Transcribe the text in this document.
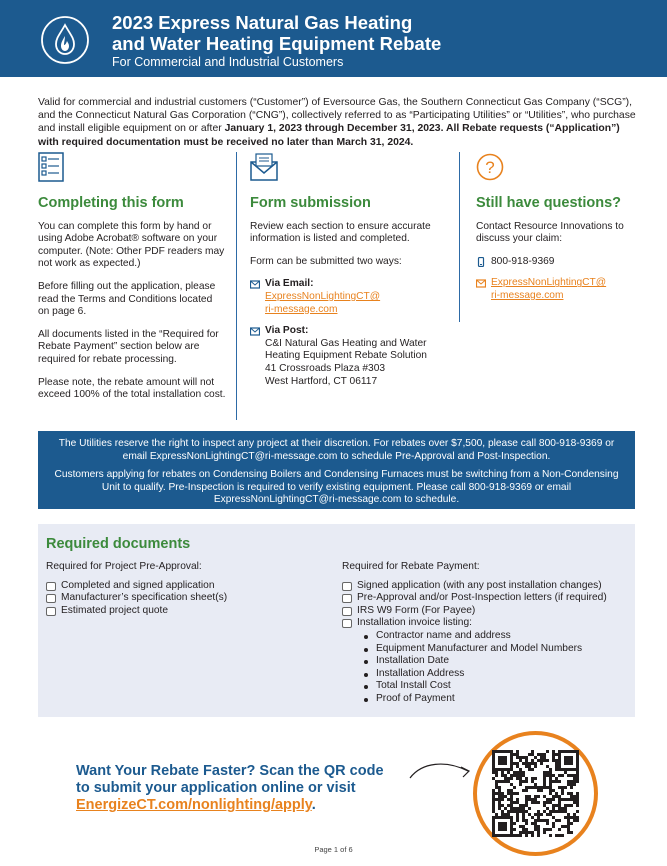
2023 Express Natural Gas Heating
and Water Heating Equipment Rebate
For Commercial and Industrial Customers
Valid for commercial and industrial customers (“Customer”) of Eversource Gas, the Southern Connecticut Gas Company (“SCG”), and the Connecticut Natural Gas Corporation (“CNG”), collectively referred to as “Participating Utilities” or “Utilities”, who purchase and install eligible equipment on or after January 1, 2023 through December 31, 2023. All Rebate requests (“Application”) with required documentation must be received no later than March 31, 2024.
Completing this form

You can complete this form by hand or using Adobe Acrobat® software on your computer. (Note: Other PDF readers may not work as expected.)

Before filling out the application, please read the Terms and Conditions located on page 6.

All documents listed in the “Required for Rebate Payment” section below are required for rebate processing.

Please note, the rebate amount will not exceed 100% of the total installation cost.

Form submission

Review each section to ensure accurate information is listed and completed.

Form can be submitted two ways:

Via Email:
ExpressNonLightingCT@
ri-message.com
Via Post:
C&I Natural Gas Heating and Water
Heating Equipment Rebate Solution
41 Crossroads Plaza #303
West Hartford, CT 06117
?
Still have questions?

Contact Resource Innovations to discuss your claim:

800-918-9369
ExpressNonLightingCT@
ri-message.com

The Utilities reserve the right to inspect any project at their discretion. For rebates over $7,500, please call 800-918-9369 or email ExpressNonLightingCT@ri-message.com to schedule Pre-Approval and Post-Inspection.

Customers applying for rebates on Condensing Boilers and Condensing Furnaces must be switching from a Non-Condensing Unit to qualify. Pre-Inspection is required to verify existing equipment. Please call 800-918-9369 or email ExpressNonLightingCT@ri-message.com to schedule.

Required documents
Required for Project Pre-Approval:
Completed and signed application
Manufacturer’s specification sheet(s)
Estimated project quote
Required for Rebate Payment:
Signed application (with any post installation changes)
Pre-Approval and/or Post-Inspection letters (if required)
IRS W9 Form (For Payee)
Installation invoice listing:
Contractor name and address
Equipment Manufacturer and Model Numbers
Installation Date
Installation Address
Total Install Cost
Proof of Payment
Want Your Rebate Faster? Scan the QR code
to submit your application online or visit
EnergizeCT.com/nonlighting/apply.
Page 1 of 6
